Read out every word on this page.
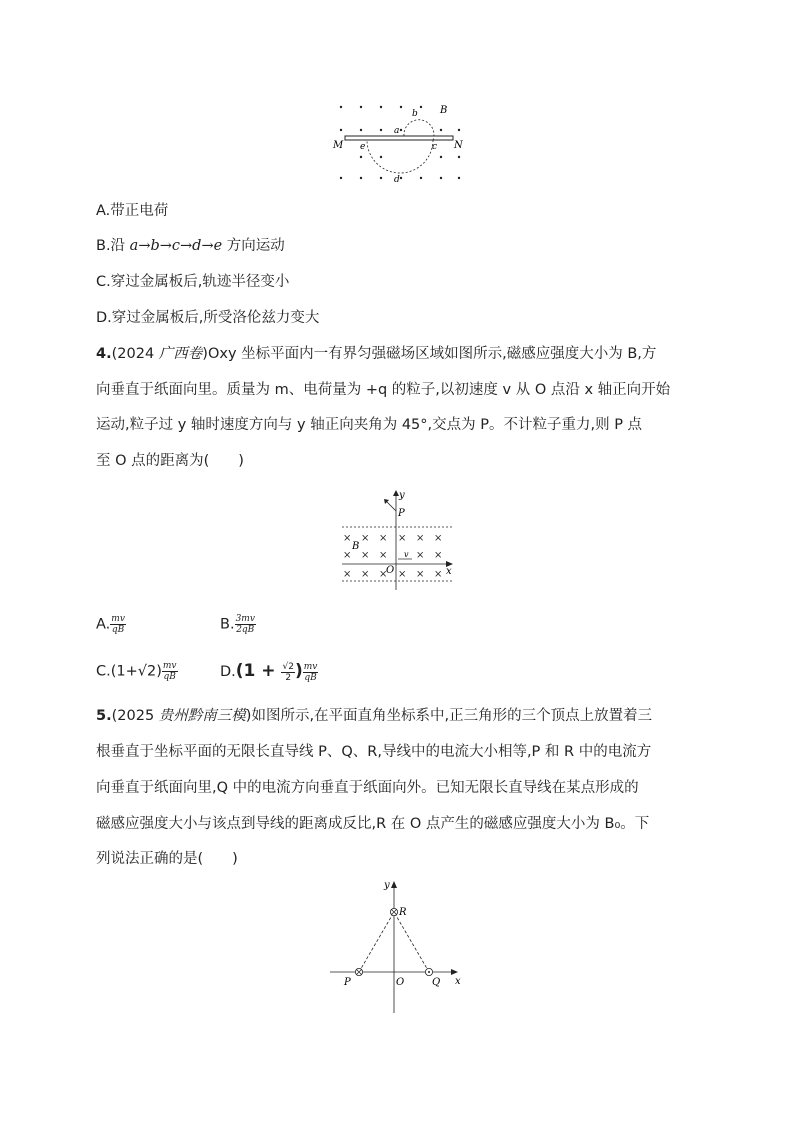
B
b
a
M	N
e	c
d
A.带正电荷
B.沿 a→b→c→d→e 方向运动
C.穿过金属板后,轨迹半径变小
D.穿过金属板后,所受洛伦兹力变大
4.(2024 广西卷)Oxy 坐标平面内一有界匀强磁场区域如图所示,磁感应强度大小为 B,方
向垂直于纸面向里。质量为 m、电荷量为 +q 的粒子,以初速度 v 从 O 点沿 x 轴正向开始
运动,粒子过 y 轴时速度方向与 y 轴正向夹角为 45°,交点为 P。不计粒子重力,则 P 点
至 O 点的距离为(　　)
× × × × × ×
× × ×	× ×
× × × × × ×
y
P
B
v
O	x
A. $\frac{mv}{qB}$	B. $\frac{3mv}{2qB}$
$C.(1+√2) \frac{mv}{qB}$	$D.(1 + \frac{√2}{2}$ ) $\frac{mv}{qB}$
5.(2025 贵州黔南三模)如图所示,在平面直角坐标系中,正三角形的三个顶点上放置着三
根垂直于坐标平面的无限长直导线 P、Q、R,导线中的电流大小相等,P 和 R 中的电流方
向垂直于纸面向里,Q 中的电流方向垂直于纸面向外。已知无限长直导线在某点形成的
磁感应强度大小与该点到导线的距离成反比,R 在 O 点产生的磁感应强度大小为 B₀。下
列说法正确的是(　　)
y
R
P	O	Q x
